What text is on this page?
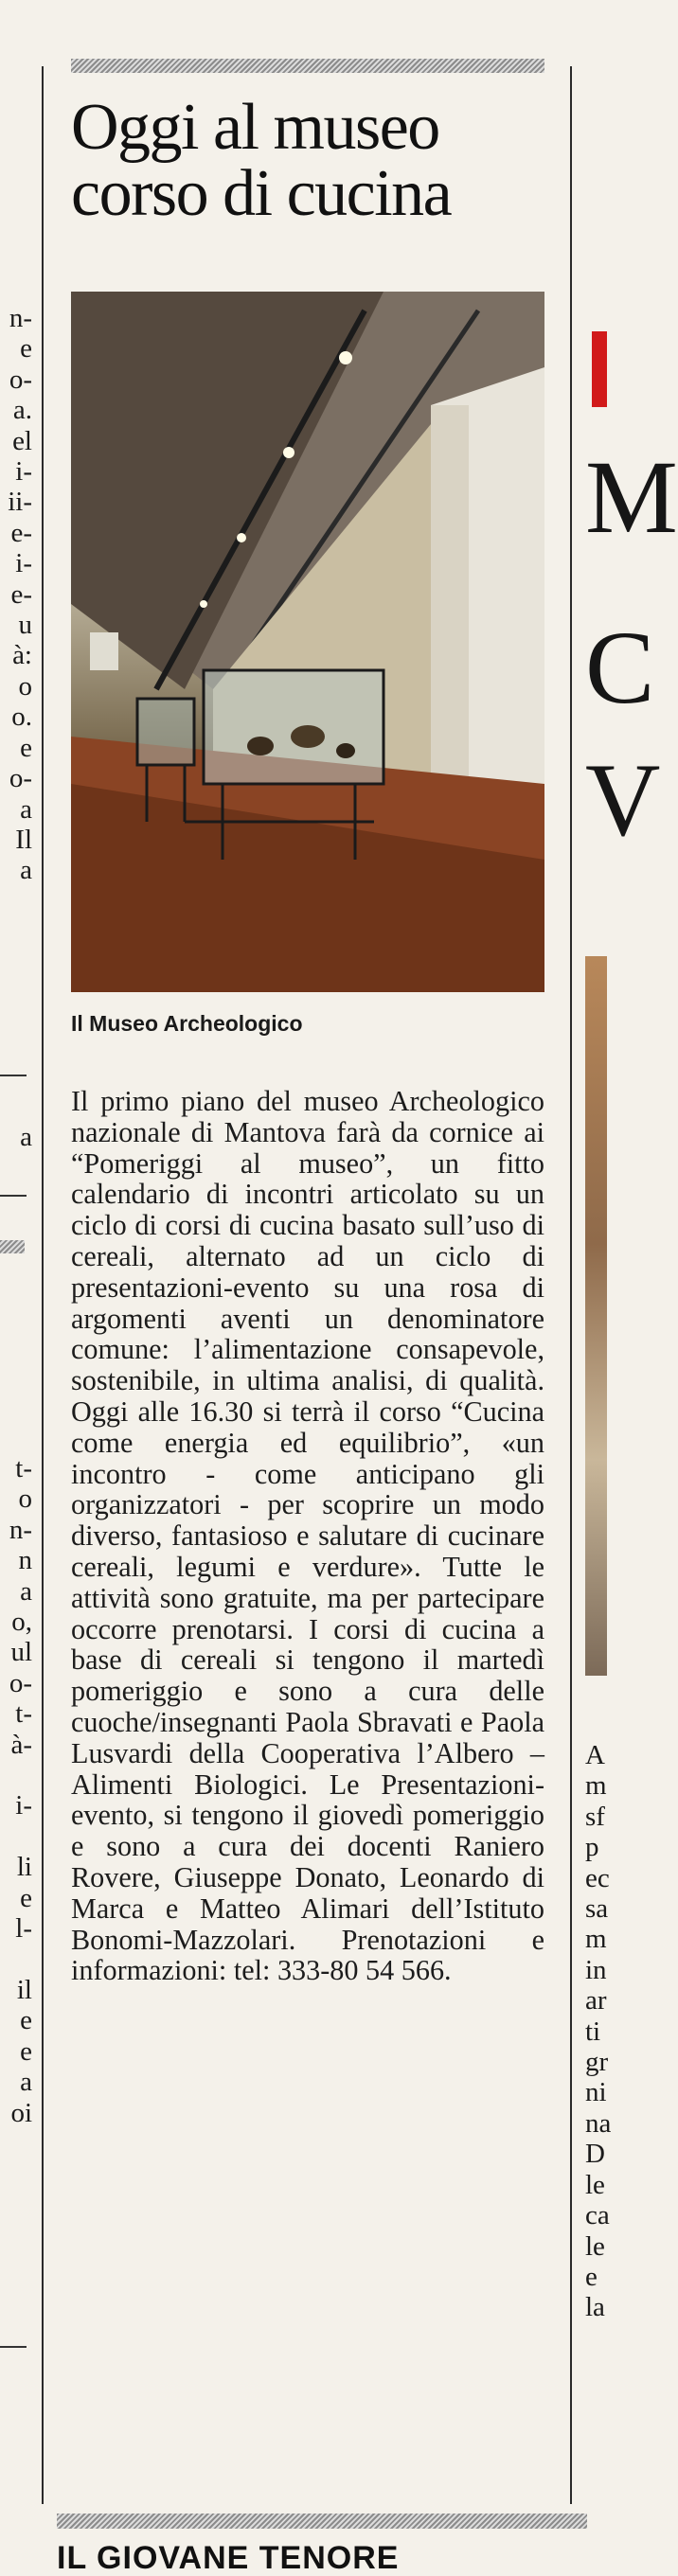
n-
e
o-
a.
el
i-
ii-
e-
i-
e-
u
à:
o
o.
e
o-
a
Il
a
a
t-
o
n-
n
a
o,
ul
o-
t-
à-

i-

li
e
l-

il
e
e
a
oi
Oggi al museo
corso di cucina
Il Museo Archeologico
Il primo piano del museo Archeologico nazionale di Mantova farà da cornice ai “Pomeriggi al museo”, un fitto calendario di incontri articolato su un ciclo di corsi di cucina basato sull’uso di cereali, alternato ad un ciclo di presentazioni-evento su una rosa di argomenti aventi un denominatore comune: l’alimentazione consapevole, sostenibile, in ultima analisi, di qualità. Oggi alle 16.30 si terrà il corso “Cucina come energia ed equilibrio”, «un incontro - come anticipano gli organizzatori - per scoprire un modo diverso, fantasioso e salutare di cucinare cereali, legumi e verdure». Tutte le attività sono gratuite, ma per partecipare occorre prenotarsi. I corsi di cucina a base di cereali si tengono il martedì pomeriggio e sono a cura delle cuoche/insegnanti Paola Sbravati e Paola Lusvardi della Cooperativa l’Albero – Alimenti Biologici. Le Presentazioni-evento, si tengono il giovedì pomeriggio e sono a cura dei docenti Raniero Rovere, Giuseppe Donato, Leonardo di Marca e Matteo Alimari dell’Istituto Bonomi-Mazzolari. Prenotazioni e informazioni: tel: 333-80 54 566.
M
C
V
A
m
sf
p
ec
sa
m
in
ar
ti
gr
ni
na
D
le
ca
le
e
la
IL GIOVANE TENORE
